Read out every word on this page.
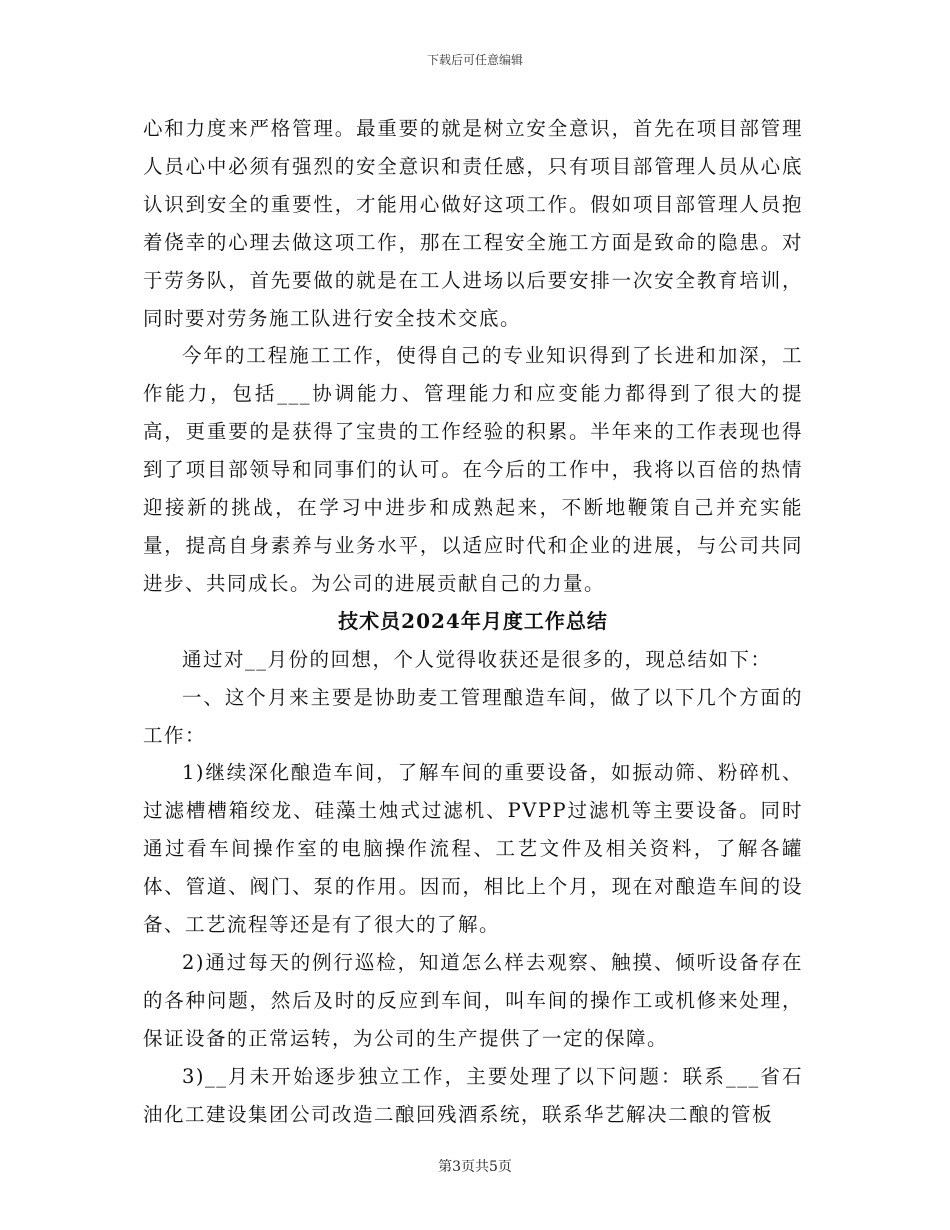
下载后可任意编辑

心和力度来严格管理。最重要的就是树立安全意识，首先在项目部管理人员心中必须有强烈的安全意识和责任感，只有项目部管理人员从心底认识到安全的重要性，才能用心做好这项工作。假如项目部管理人员抱着侥幸的心理去做这项工作，那在工程安全施工方面是致命的隐患。对于劳务队，首先要做的就是在工人进场以后要安排一次安全教育培训，同时要对劳务施工队进行安全技术交底。

今年的工程施工工作，使得自己的专业知识得到了长进和加深，工作能力，包括___协调能力、管理能力和应变能力都得到了很大的提高，更重要的是获得了宝贵的工作经验的积累。半年来的工作表现也得到了项目部领导和同事们的认可。在今后的工作中，我将以百倍的热情迎接新的挑战，在学习中进步和成熟起来，不断地鞭策自己并充实能量，提高自身素养与业务水平，以适应时代和企业的进展，与公司共同进步、共同成长。为公司的进展贡献自己的力量。

技术员2024年月度工作总结

通过对__月份的回想，个人觉得收获还是很多的，现总结如下：

一、这个月来主要是协助麦工管理酿造车间，做了以下几个方面的工作：

1)继续深化酿造车间，了解车间的重要设备，如振动筛、粉碎机、过滤槽槽箱绞龙、硅藻土烛式过滤机、PVPP过滤机等主要设备。同时通过看车间操作室的电脑操作流程、工艺文件及相关资料，了解各罐体、管道、阀门、泵的作用。因而，相比上个月，现在对酿造车间的设备、工艺流程等还是有了很大的了解。

2)通过每天的例行巡检，知道怎么样去观察、触摸、倾听设备存在的各种问题，然后及时的反应到车间，叫车间的操作工或机修来处理，保证设备的正常运转，为公司的生产提供了一定的保障。

3)__月未开始逐步独立工作，主要处理了以下问题：联系___省石油化工建设集团公司改造二酿回残酒系统，联系华艺解决二酿的管板

第3页共5页
